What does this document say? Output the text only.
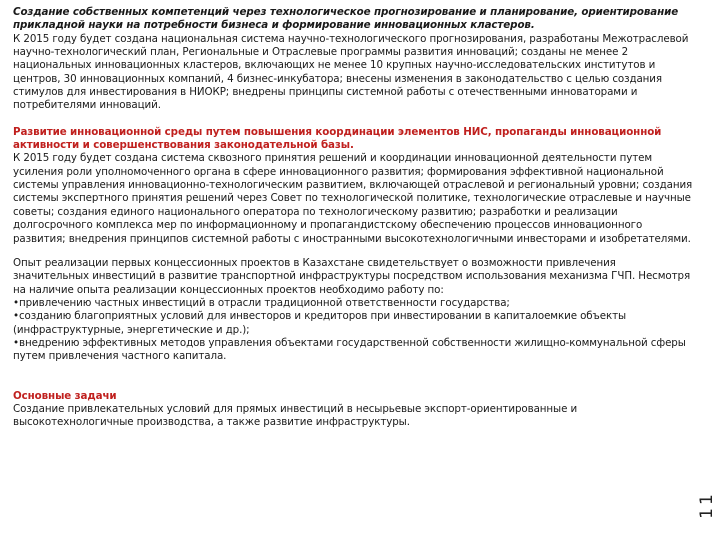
Создание собственных компетенций через технологическое прогнозирование и планирование, ориентирование прикладной науки на потребности бизнеса и формирование инновационных кластеров.
К 2015 году будет создана национальная система научно-технологического прогнозирования, разработаны Межотраслевой научно-технологический план, Региональные и Отраслевые программы развития инноваций; созданы не менее 2 национальных инновационных кластеров, включающих не менее 10 крупных научно-исследовательских институтов и центров, 30 инновационных компаний, 4 бизнес-инкубатора; внесены изменения в законодательство с целью создания стимулов для инвестирования в НИОКР; внедрены принципы системной работы с отечественными инноваторами и потребителями инноваций.
Развитие инновационной среды путем повышения координации элементов НИС, пропаганды инновационной активности и совершенствования законодательной базы.
К 2015 году будет создана система сквозного принятия решений и координации инновационной деятельности путем усиления роли уполномоченного органа в сфере инновационного развития; формирования эффективной национальной системы управления инновационно-технологическим развитием, включающей отраслевой и региональный уровни; создания системы экспертного принятия решений через Совет по технологической политике, технологические отраслевые и научные советы; создания единого национального оператора по технологическому развитию; разработки и реализации долгосрочного комплекса мер по информационному и пропагандистскому обеспечению процессов инновационного развития; внедрения принципов системной работы с иностранными высокотехнологичными инвесторами и изобретателями.
Опыт реализации первых концессионных проектов в Казахстане свидетельствует о возможности привлечения значительных инвестиций в развитие транспортной инфраструктуры посредством использования механизма ГЧП. Несмотря на наличие опыта реализации концессионных проектов необходимо работу по:
•привлечению частных инвестиций в отрасли традиционной ответственности государства;
•созданию благоприятных условий для инвесторов и кредиторов при инвестировании в капиталоемкие объекты (инфраструктурные, энергетические и др.);
•внедрению эффективных методов управления объектами государственной собственности жилищно-коммунальной сферы путем привлечения частного капитала.
Основные задачи
Создание привлекательных условий для прямых инвестиций в несырьевые экспорт-ориентированные и высокотехнологичные производства, а также развитие инфраструктуры.
11
